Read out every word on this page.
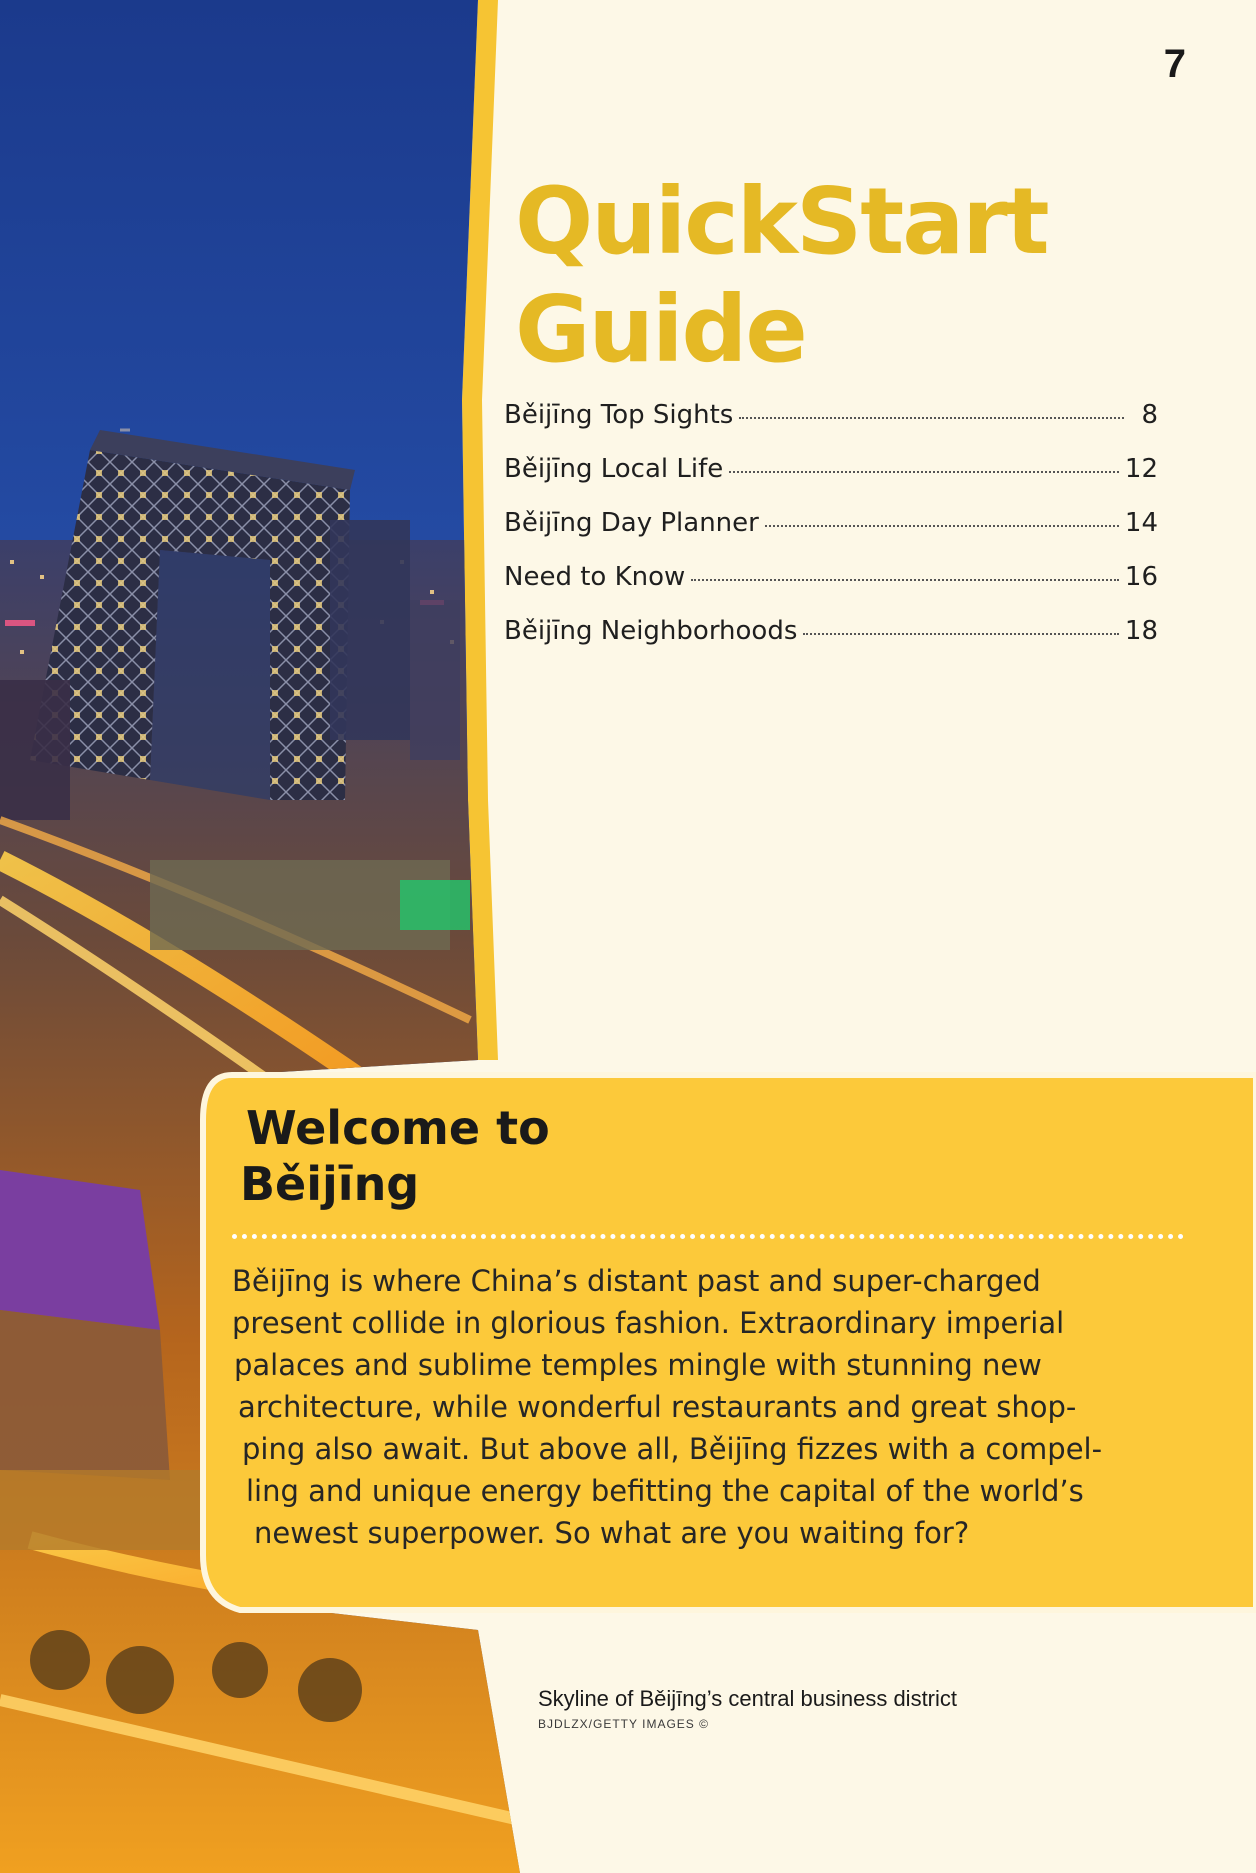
7
QuickStart
Guide
Běijīng Top Sights	8
Běijīng Local Life	12
Běijīng Day Planner	14
Need to Know	16
Běijīng Neighborhoods	18
Welcome to
Běijīng

Běijīng is where China’s distant past and super-charged
present collide in glorious fashion. Extraordinary imperial
palaces and sublime temples mingle with stunning new
architecture, while wonderful restaurants and great shop-
ping also await. But above all, Běijīng fizzes with a compel-
ling and unique energy befitting the capital of the world’s
newest superpower. So what are you waiting for?

Skyline of Běijīng’s central business district

BJDLZX/GETTY IMAGES ©
